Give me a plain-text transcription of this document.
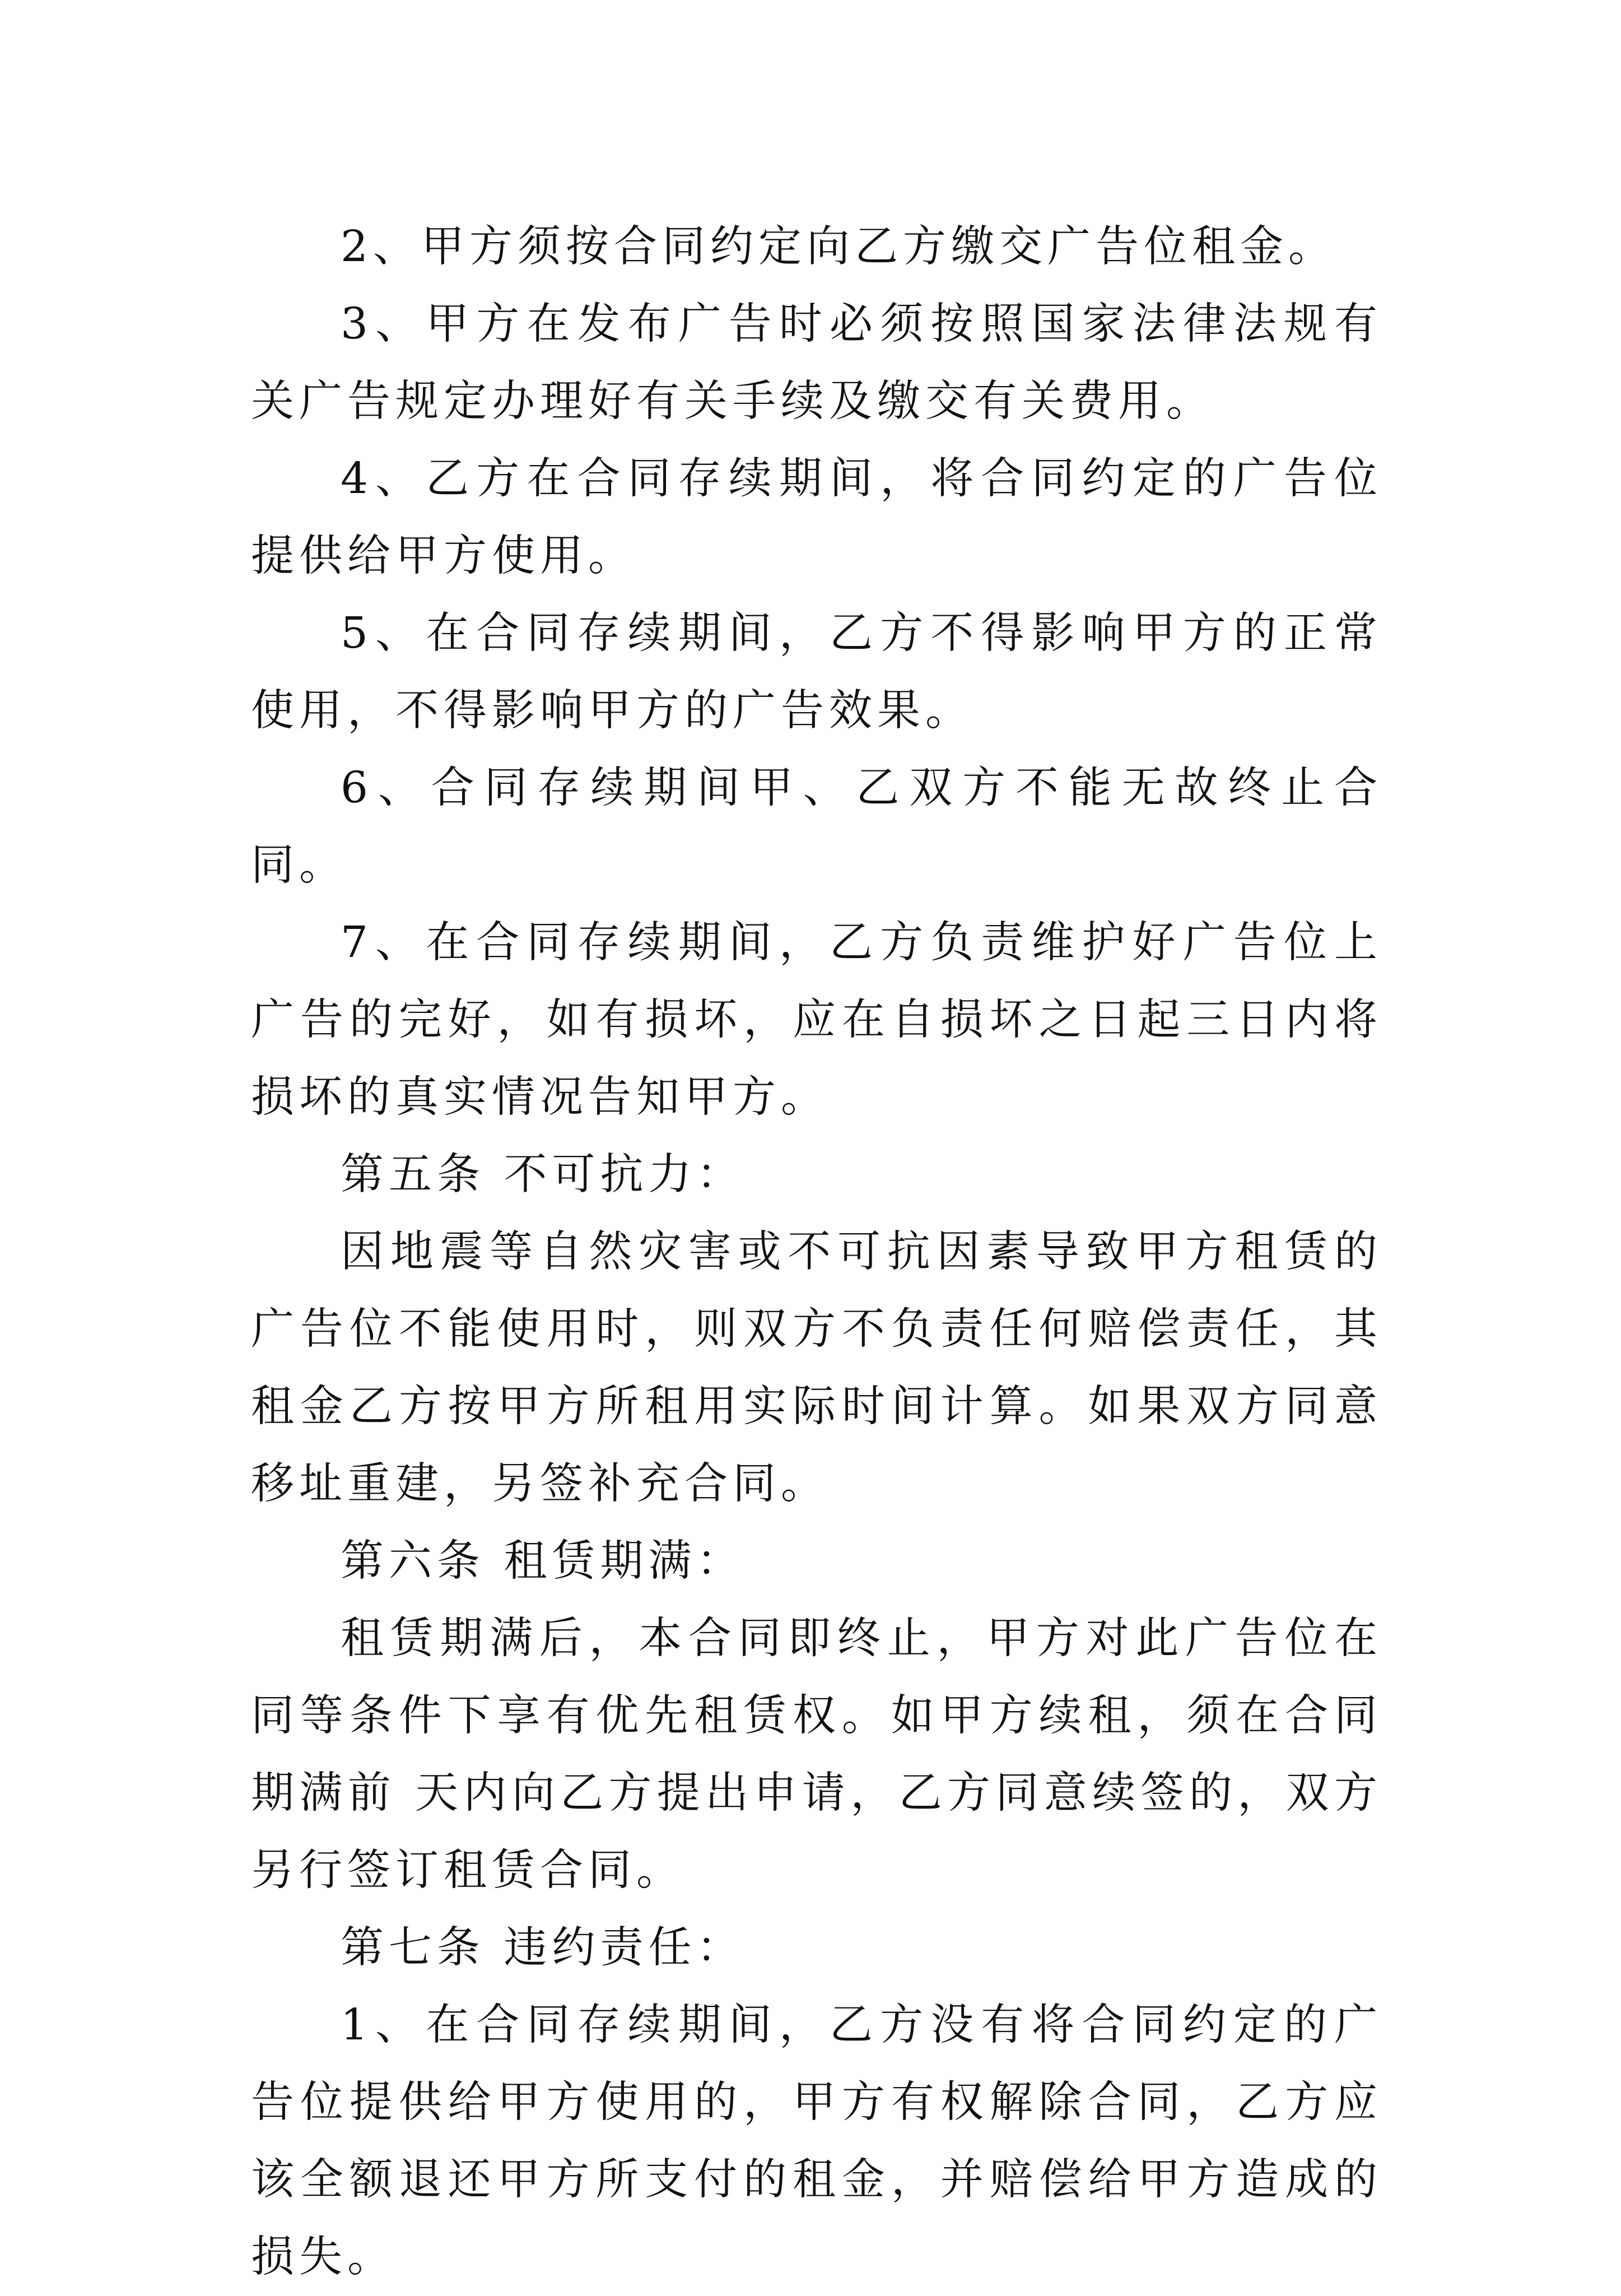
2、甲方须按合同约定向乙方缴交广告位租金。

3、甲方在发布广告时必须按照国家法律法规有关广告规定办理好有关手续及缴交有关费用。

4、乙方在合同存续期间，将合同约定的广告位提供给甲方使用。

5、在合同存续期间，乙方不得影响甲方的正常使用，不得影响甲方的广告效果。

6、合同存续期间甲、乙双方不能无故终止合同。

7、在合同存续期间，乙方负责维护好广告位上广告的完好，如有损坏，应在自损坏之日起三日内将损坏的真实情况告知甲方。

第五条 不可抗力：

因地震等自然灾害或不可抗因素导致甲方租赁的广告位不能使用时，则双方不负责任何赔偿责任，其租金乙方按甲方所租用实际时间计算。如果双方同意移址重建，另签补充合同。

第六条 租赁期满：

租赁期满后，本合同即终止，甲方对此广告位在同等条件下享有优先租赁权。如甲方续租，须在合同期满前 天内向乙方提出申请，乙方同意续签的，双方另行签订租赁合同。

第七条 违约责任：

1、在合同存续期间，乙方没有将合同约定的广告位提供给甲方使用的，甲方有权解除合同，乙方应该全额退还甲方所支付的租金，并赔偿给甲方造成的损失。
